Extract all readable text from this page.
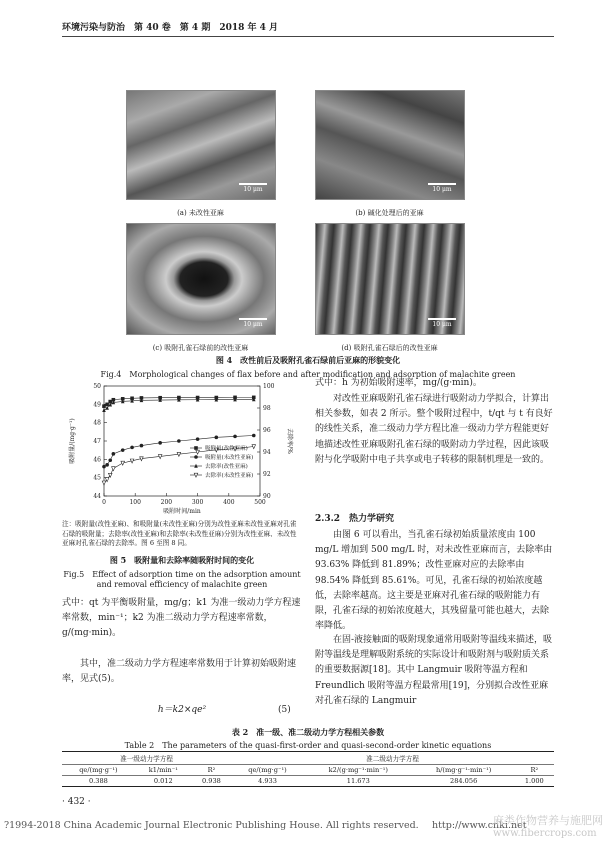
环境污染与防治　第 40 卷　第 4 期　2018 年 4 月
10 μm	10 μm
(a) 未改性亚麻	(b) 碱化处理后的亚麻
10 μm	10 μm
(c) 吸附孔雀石绿前的改性亚麻	(d) 吸附孔雀石绿后的改性亚麻
图 4　改性前后及吸附孔雀石绿前后亚麻的形貌变化
Fig.4　Morphological changes of flax before and after modification and adsorption of malachite green
0	100	200	300	400	500
44
45
46
47
48
49
50
90
92
94
96
98
100
吸附时间/min
吸附量/(mg·g⁻¹)	去除率/%
吸附量(改性亚麻)
吸附量(未改性亚麻)
去除率(改性亚麻)
去除率(未改性亚麻)
注：吸附量(改性亚麻)、和吸附量(未改性亚麻)分别为改性亚麻未改性亚麻对孔雀石绿的吸附量；去除率(改性亚麻)和去除率(未改性亚麻)分别为改性亚麻、未改性亚麻对孔雀石绿的去除率。图 6 至图 8 同。
图 5　吸附量和去除率随吸附时间的变化
Fig.5　Effect of adsorption time on the adsorption amount
and removal efficiency of malachite green
式中：qt 为平衡吸附量，mg/g；k1 为准一级动力学方程速率常数，min⁻¹；k2 为准二级动力学方程速率常数，g/(mg·min)。
其中，准二级动力学方程速率常数用于计算初始吸附速率，见式(5)。
h＝k2×qe²	(5)
式中：h 为初始吸附速率，mg/(g·min)。
对改性亚麻吸附孔雀石绿进行吸附动力学拟合，计算出相关参数，如表 2 所示。整个吸附过程中，t/qt 与 t 有良好的线性关系，准二级动力学方程比准一级动力学方程能更好地描述改性亚麻吸附孔雀石绿的吸附动力学过程，因此该吸附与化学吸附中电子共享或电子转移的限制机理是一致的。
2.3.2　热力学研究
由图 6 可以看出，当孔雀石绿初始质量浓度由 100 mg/L 增加到 500 mg/L 时，对未改性亚麻而言，去除率由 93.63% 降低到 81.89%；改性亚麻对应的去除率由 98.54% 降低到 85.61%。可见，孔雀石绿的初始浓度越低，去除率越高。这主要是亚麻对孔雀石绿的吸附能力有限，孔雀石绿的初始浓度越大，其残留量可能也越大，去除率降低。
在固-液接触面的吸附现象通常用吸附等温线来描述，吸附等温线是理解吸附系统的实际设计和吸附剂与吸附质关系的重要数据源[18]。其中 Langmuir 吸附等温方程和 Freundlich 吸附等温方程最常用[19]，分别拟合改性亚麻对孔雀石绿的 Langmuir
表 2　准一级、准二级动力学方程相关参数
Table 2　The parameters of the quasi-first-order and quasi-second-order kinetic equations
准一级动力学方程			准二级动力学方程			
qe/(mg·g⁻¹)	k1/min⁻¹	R²	qe/(mg·g⁻¹)	k2/(g·mg⁻¹·min⁻¹)	h/(mg·g⁻¹·min⁻¹)	R²
0.388	0.012	0.938	4.933	11.673	284.056	1.000
· 432 ·
?1994-2018 China Academic Journal Electronic Publishing House. All rights reserved. http://www.cnki.net
麻类作物营养与施肥网
www.fibercrops.com
